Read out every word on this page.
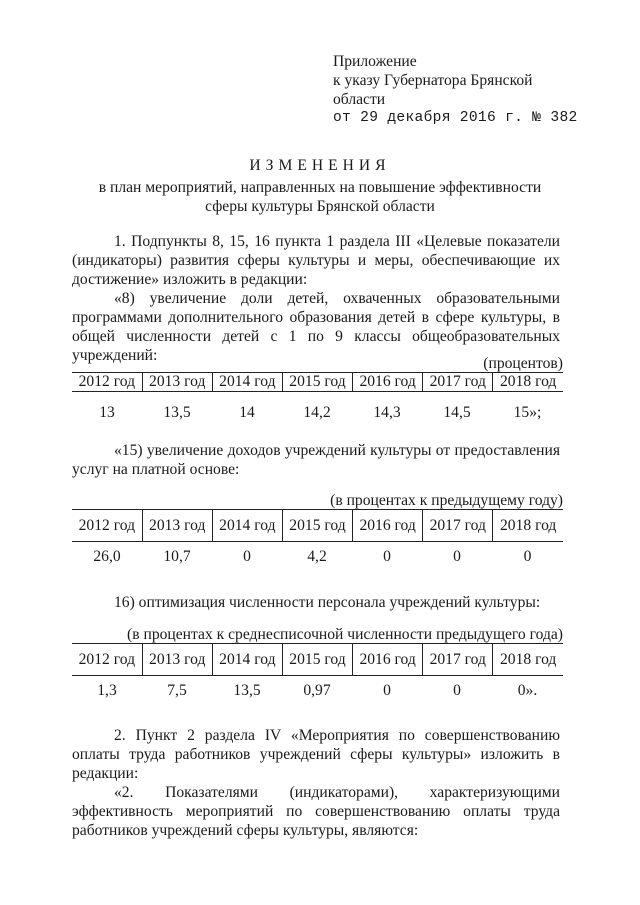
Приложение
к указу Губернатора Брянской
области
от 29 декабря 2016 г. № 382
ИЗМЕНЕНИЯ
в план мероприятий, направленных на повышение эффективности
сферы культуры Брянской области

1. Подпункты 8, 15, 16 пункта 1 раздела III «Целевые показатели (индикаторы) развития сферы культуры и меры, обеспечивающие их достижение» изложить в редакции:

«8) увеличение доли детей, охваченных образовательными программами дополнительного образования детей в сфере культуры, в общей численности детей с 1 по 9 классы общеобразовательных учреждений:	(процентов)
2012 год	2013 год	2014 год	2015 год	2016 год	2017 год	2018 год
13	13,5	14	14,2	14,3	14,5	15»;

«15) увеличение доходов учреждений культуры от предоставления услуг на платной основе:

(в процентах к предыдущему году)
2012 год	2013 год	2014 год	2015 год	2016 год	2017 год	2018 год
26,0	10,7	0	4,2	0	0	0

16) оптимизация численности персонала учреждений культуры:

(в процентах к среднесписочной численности предыдущего года)
2012 год	2013 год	2014 год	2015 год	2016 год	2017 год	2018 год
1,3	7,5	13,5	0,97	0	0	0».

2. Пункт 2 раздела IV «Мероприятия по совершенствованию оплаты труда работников учреждений сферы культуры» изложить в редакции:

«2. Показателями (индикаторами), характеризующими эффективность мероприятий по совершенствованию оплаты труда работников учреждений сферы культуры, являются:
